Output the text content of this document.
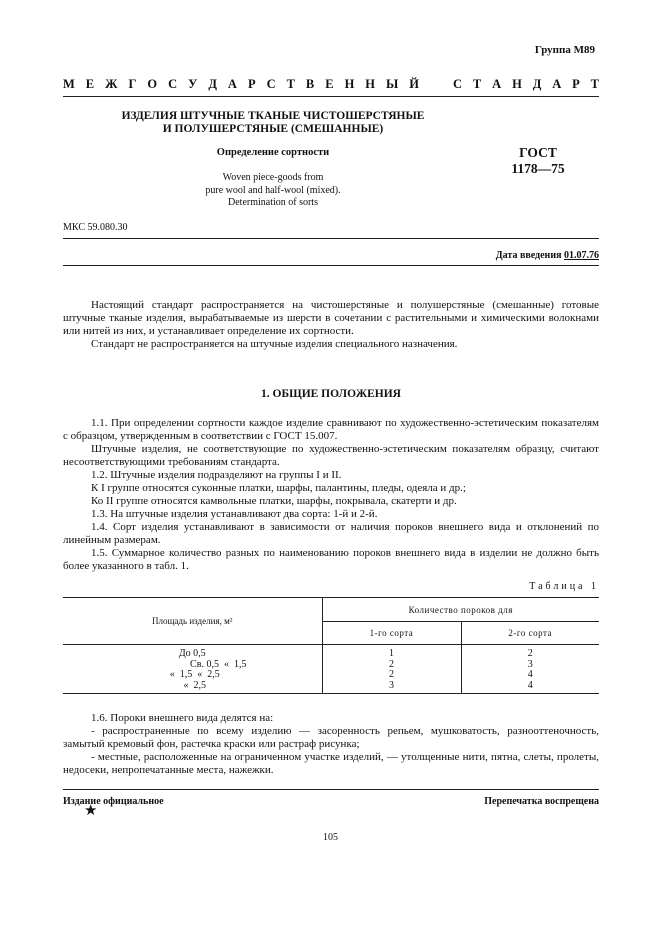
Группа М89
М Е Ж Г О С У Д А Р С Т В Е Н Н Ы Й	С Т А Н Д А Р Т
ИЗДЕЛИЯ ШТУЧНЫЕ ТКАНЫЕ ЧИСТОШЕРСТЯНЫЕ
И ПОЛУШЕРСТЯНЫЕ (СМЕШАННЫЕ)
Определение сортности
Woven piece-goods from
pure wool and half-wool (mixed).
Determination of sorts
ГОСТ
1178—75
МКС 59.080.30
Дата введения 01.07.76

Настоящий стандарт распространяется на чистошерстяные и полушерстяные (смешанные) готовые штучные тканые изделия, вырабатываемые из шерсти в сочетании с растительными и химическими волокнами или нитей из них, и устанавливает определение их сортности.

Стандарт не распространяется на штучные изделия специального назначения.

1. ОБЩИЕ ПОЛОЖЕНИЯ

1.1. При определении сортности каждое изделие сравнивают по художественно-эстетическим показателям с образцом, утвержденным в соответствии с ГОСТ 15.007.

Штучные изделия, не соответствующие по художественно-эстетическим показателям образцу, считают несоответствующими требованиям стандарта.

1.2. Штучные изделия подразделяют на группы I и II.

К I группе относятся суконные платки, шарфы, палантины, пледы, одеяла и др.;

Ко II группе относятся камвольные платки, шарфы, покрывала, скатерти и др.

1.3. На штучные изделия устанавливают два сорта: 1-й и 2-й.

1.4. Сорт изделия устанавливают в зависимости от наличия пороков внешнего вида и отклонений по линейным размерам.

1.5. Суммарное количество разных по наименованию пороков внешнего вида в изделии не должно быть более указанного в табл. 1.

Таблица 1
Площадь изделия, м²	Количество пороков для	
	1-го сорта	2-го сорта
До 0,5	1	2
Св. 0,5  «  1,5	2	3
«  1,5  «  2,5	2	4
«  2,5	3	4

1.6. Пороки внешнего вида делятся на:

- распространенные по всему изделию — засоренность репьем, мушковатость, разнооттеночность, замытый кремовый фон, растечка краски или растраф рисунка;

- местные, расположенные на ограниченном участке изделий, — утолщенные нити, пятна, слеты, пролеты, недосеки, непропечатанные места, нажежки.

Издание официальное	Перепечатка воспрещена
★
105
